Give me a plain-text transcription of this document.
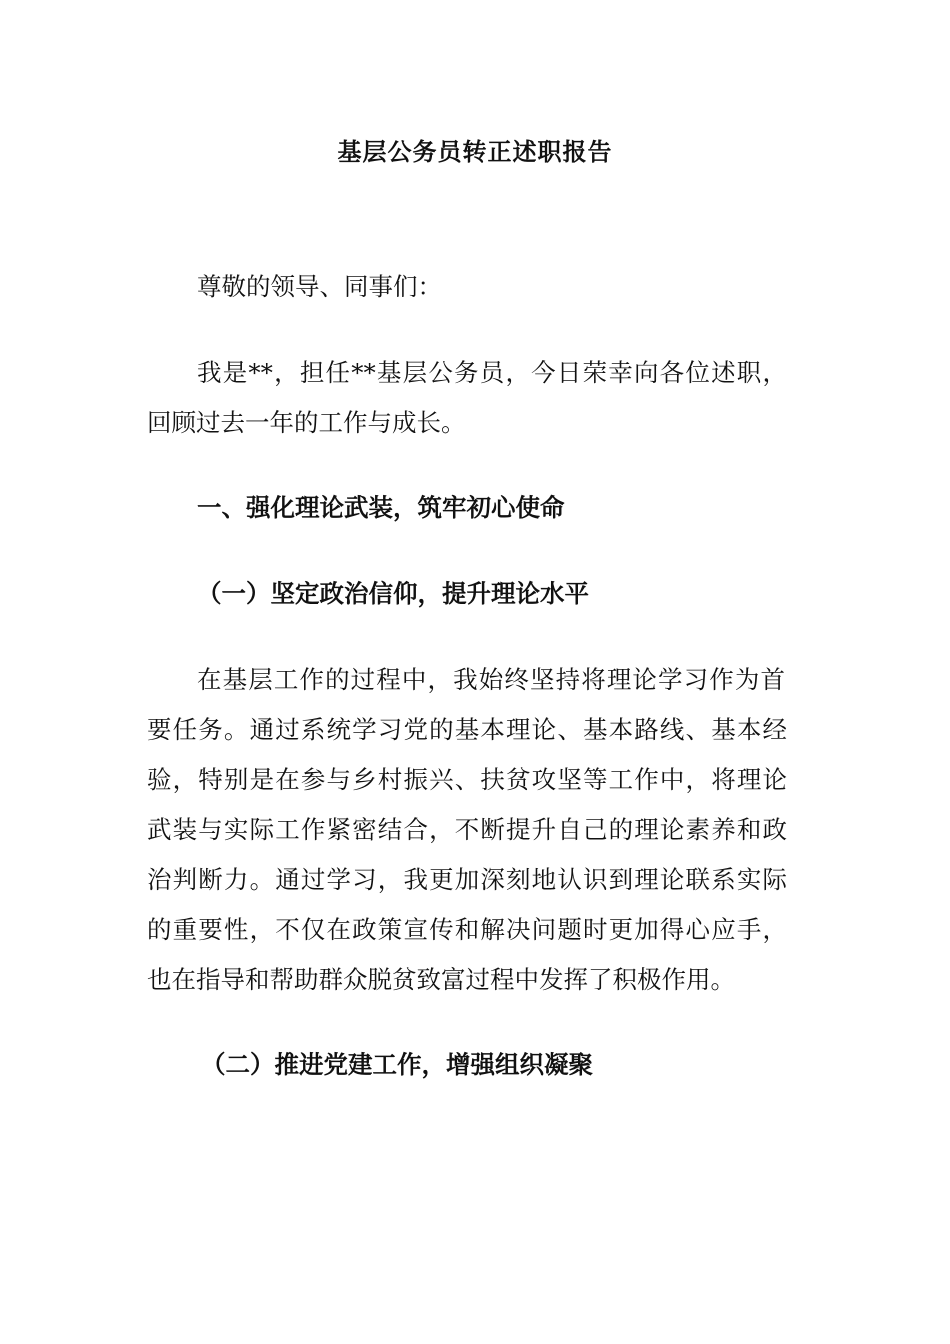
基层公务员转正述职报告
尊敬的领导、同事们：
我是**，担任**基层公务员，今日荣幸向各位述职，
回顾过去一年的工作与成长。
一、强化理论武装，筑牢初心使命
（一）坚定政治信仰，提升理论水平
在基层工作的过程中，我始终坚持将理论学习作为首
要任务。通过系统学习党的基本理论、基本路线、基本经
验，特别是在参与乡村振兴、扶贫攻坚等工作中，将理论
武装与实际工作紧密结合，不断提升自己的理论素养和政
治判断力。通过学习，我更加深刻地认识到理论联系实际
的重要性，不仅在政策宣传和解决问题时更加得心应手，
也在指导和帮助群众脱贫致富过程中发挥了积极作用。
（二）推进党建工作，增强组织凝聚
